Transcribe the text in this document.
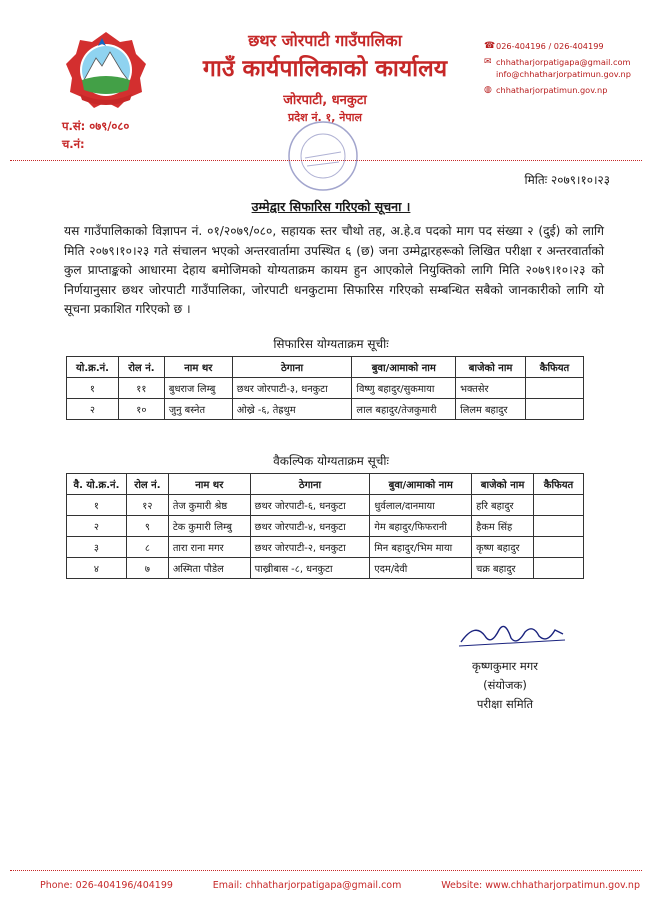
छथर जोरपाटी गाउँपालिका
गाउँ कार्यपालिकाको कार्यालय
जोरपाटी, धनकुटा
प्रदेश नं. १, नेपाल
☎ 026-404196 / 026-404199
✉ chhatharjorpatigapa@gmail.com
info@chhatharjorpatimun.gov.np
◍ chhatharjorpatimun.gov.np
प.सं: ०७९/०८०
च.नं:
मितिः २०७९।१०।२३
उम्मेद्वार सिफारिस गरिएको सूचना ।

यस गाउँपालिकाको विज्ञापन नं. ०१/२०७९/०८०, सहायक स्तर चौथो तह, अ.हे.व पदको माग पद संख्या २ (दुई) को लागि मिति २०७९।१०।२३ गते संचालन भएको अन्तरवार्तामा उपस्थित ६ (छ) जना उम्मेद्वारहरूको लिखित परीक्षा र अन्तरवार्ताको कुल प्राप्ताङ्कको आधारमा देहाय बमोजिमको योग्यताक्रम कायम हुन आएकोले नियुक्तिको लागि मिति २०७९।१०।२३ को निर्णयानुसार छथर जोरपाटी गाउँपालिका, जोरपाटी धनकुटामा सिफारिस गरिएको सम्बन्धित सबैको जानकारीको लागि यो सूचना प्रकाशित गरिएको छ ।

सिफारिस योग्यताक्रम सूचीः
यो.क्र.नं.	रोल नं.	नाम थर	ठेगाना	बुवा/आमाको नाम	बाजेको नाम	कैफियत
१	११	बुधराज लिम्बु	छथर जोरपाटी-३, धनकुटा	विष्णु बहादुर/सुकमाया	भक्तसेर	
२	१०	जुनु बस्नेत	ओख्रे -६, तेह्रथुम	लाल बहादुर/तेजकुमारी	लिलम बहादुर	
वैकल्पिक योग्यताक्रम सूचीः
वै. यो.क्र.नं.	रोल नं.	नाम थर	ठेगाना	बुवा/आमाको नाम	बाजेको नाम	कैफियत
१	१२	तेज कुमारी श्रेष्ठ	छथर जोरपाटी-६, धनकुटा	धुर्वलाल/दानमाया	हरि बहादुर	
२	९	टेक कुमारी लिम्बु	छथर जोरपाटी-४, धनकुटा	गेम बहादुर/फिफरानी	हैकम सिंह	
३	८	तारा राना मगर	छथर जोरपाटी-२, धनकुटा	मिन बहादुर/भिम माया	कृष्ण बहादुर	
४	७	अस्मिता पौडेल	पाख्रीबास -८, धनकुटा	एदम/देवी	चक्र बहादुर	
कृष्णकुमार मगर
(संयोजक)
परीक्षा समिति
Phone: 026-404196/404199	Email: chhatharjorpatigapa@gmail.com	Website: www.chhatharjorpatimun.gov.np
